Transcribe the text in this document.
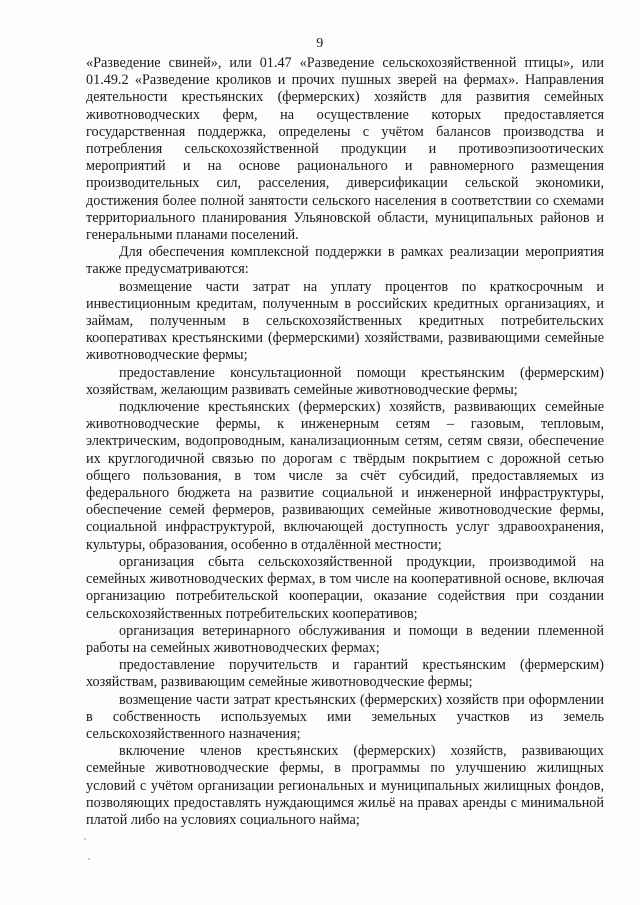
9

«Разведение свиней», или 01.47 «Разведение сельскохозяйственной птицы», или 01.49.2 «Разведение кроликов и прочих пушных зверей на фермах». Направления деятельности крестьянских (фермерских) хозяйств для развития семейных животноводческих ферм, на осуществление которых предоставляется государственная поддержка, определены с учётом балансов производства и потребления сельскохозяйственной продукции и противоэпизоотических мероприятий и на основе рационального и равномерного размещения производительных сил, расселения, диверсификации сельской экономики, достижения более полной занятости сельского населения в соответствии со схемами территориального планирования Ульяновской области, муниципальных районов и генеральными планами поселений.

Для обеспечения комплексной поддержки в рамках реализации мероприятия также предусматриваются:

возмещение части затрат на уплату процентов по краткосрочным и инвестиционным кредитам, полученным в российских кредитных организациях, и займам, полученным в сельскохозяйственных кредитных потребительских кооперативах крестьянскими (фермерскими) хозяйствами, развивающими семейные животноводческие фермы;

предоставление консультационной помощи крестьянским (фермерским) хозяйствам, желающим развивать семейные животноводческие фермы;

подключение крестьянских (фермерских) хозяйств, развивающих семейные животноводческие фермы, к инженерным сетям – газовым, тепловым, электрическим, водопроводным, канализационным сетям, сетям связи, обеспечение их круглогодичной связью по дорогам с твёрдым покрытием с дорожной сетью общего пользования, в том числе за счёт субсидий, предоставляемых из федерального бюджета на развитие социальной и инженерной инфраструктуры, обеспечение семей фермеров, развивающих семейные животноводческие фермы, социальной инфраструктурой, включающей доступность услуг здравоохранения, культуры, образования, особенно в отдалённой местности;

организация сбыта сельскохозяйственной продукции, производимой на семейных животноводческих фермах, в том числе на кооперативной основе, включая организацию потребительской кооперации, оказание содействия при создании сельскохозяйственных потребительских кооперативов;

организация ветеринарного обслуживания и помощи в ведении племенной работы на семейных животноводческих фермах;

предоставление поручительств и гарантий крестьянским (фермерским) хозяйствам, развивающим семейные животноводческие фермы;

возмещение части затрат крестьянских (фермерских) хозяйств при оформлении в собственность используемых ими земельных участков из земель сельскохозяйственного назначения;

включение членов крестьянских (фермерских) хозяйств, развивающих семейные животноводческие фермы, в программы по улучшению жилищных условий с учётом организации региональных и муниципальных жилищных фондов, позволяющих предоставлять нуждающимся жильё на правах аренды с минимальной платой либо на условиях социального найма;
